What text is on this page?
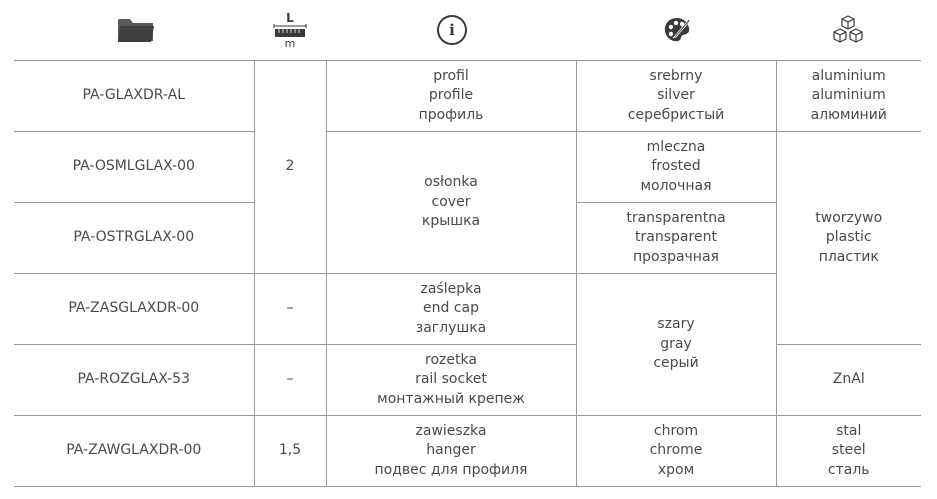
L
m
i
PA-GLAXDR-AL	2	profil
profile
профиль	srebrny
silver
серебристый	aluminium
aluminium
алюминий

PA-OSMLGLAX-00		osłonka
cover
крышка	mleczna
frosted
молочная	tworzywo
plastic
пластик

PA-OSTRGLAX-00			transparentna
transparent
прозрачная	

PA-ZASGLAXDR-00	–	zaślepka
end cap
заглушка	szary
gray
серый	

PA-ROZGLAX-53	–	rozetka
rail socket
монтажный крепеж		ZnAl

PA-ZAWGLAXDR-00	1,5	zawieszka
hanger
подвес для профиля	chrom
chrome
хром	stal
steel
сталь
